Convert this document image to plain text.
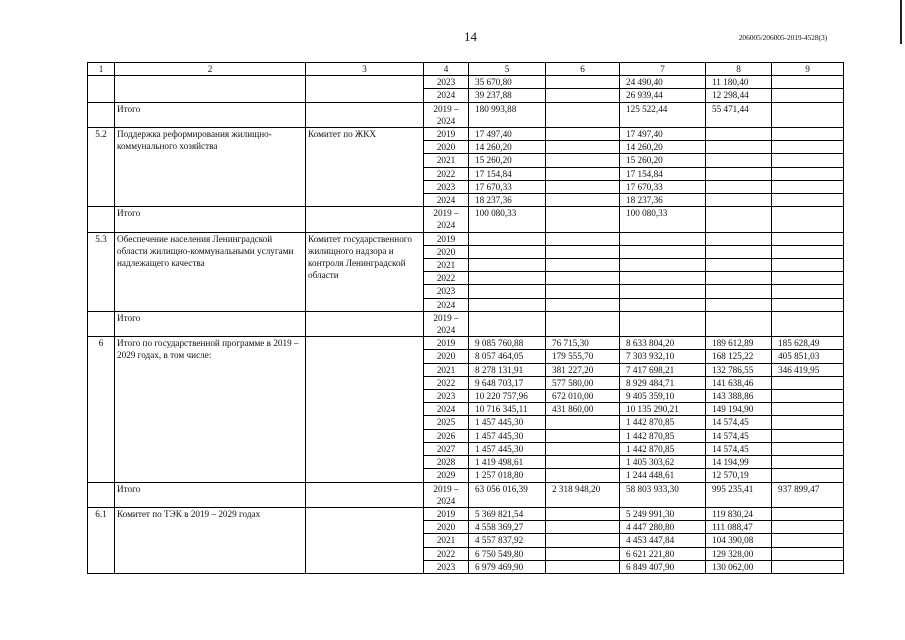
14	206005/206005-2019-4528(3)
1	2	3	4	5	6	7	8	9
			2023	35 670,80		24 490,40	11 180,40	
			2024	39 237,88		26 939,44	12 298,44	
	Итого		2019 – 2024	180 993,88		125 522,44	55 471,44	
5.2	Поддержка реформирования жилищно-коммунального хозяйства	Комитет по ЖКХ	2019	17 497,40		17 497,40		
			2020	14 260,20		14 260,20		
			2021	15 260,20		15 260,20		
			2022	17 154,84		17 154,84		
			2023	17 670,33		17 670,33		
			2024	18 237,36		18 237,36		
	Итого		2019 – 2024	100 080,33		100 080,33		
5.3	Обеспечение населения Ленинградской области жилищно-коммунальными услугами надлежащего качества	Комитет государственного жилищного надзора и контроля Ленинградской области	2019					
			2020					
			2021					
			2022					
			2023					
			2024					
	Итого		2019 – 2024					
6	Итого по государственной программе в 2019 – 2029 годах, в том числе:		2019	9 085 760,88	76 715,30	8 633 804,20	189 612,89	185 628,49
			2020	8 057 464,05	179 555,70	7 303 932,10	168 125,22	405 851,03
			2021	8 278 131,91	381 227,20	7 417 698,21	132 786,55	346 419,95
			2022	9 648 703,17	577 580,00	8 929 484,71	141 638,46	
			2023	10 220 757,96	672 010,00	9 405 359,10	143 388,86	
			2024	10 716 345,11	431 860,00	10 135 290,21	149 194,90	
			2025	1 457 445,30		1 442 870,85	14 574,45	
			2026	1 457 445,30		1 442 870,85	14 574,45	
			2027	1 457 445,30		1 442 870,85	14 574,45	
			2028	1 419 498,61		1 405 303,62	14 194,99	
			2029	1 257 018,80		1 244 448,61	12 570,19	
	Итого		2019 – 2024	63 056 016,39	2 318 948,20	58 803 933,30	995 235,41	937 899,47
6.1	Комитет по ТЭК в 2019 – 2029 годах		2019	5 369 821,54		5 249 991,30	119 830,24	
			2020	4 558 369,27		4 447 280,80	111 088,47	
			2021	4 557 837,92		4 453 447,84	104 390,08	
			2022	6 750 549,80		6 621 221,80	129 328,00	
			2023	6 979 469,90		6 849 407,90	130 062,00	
